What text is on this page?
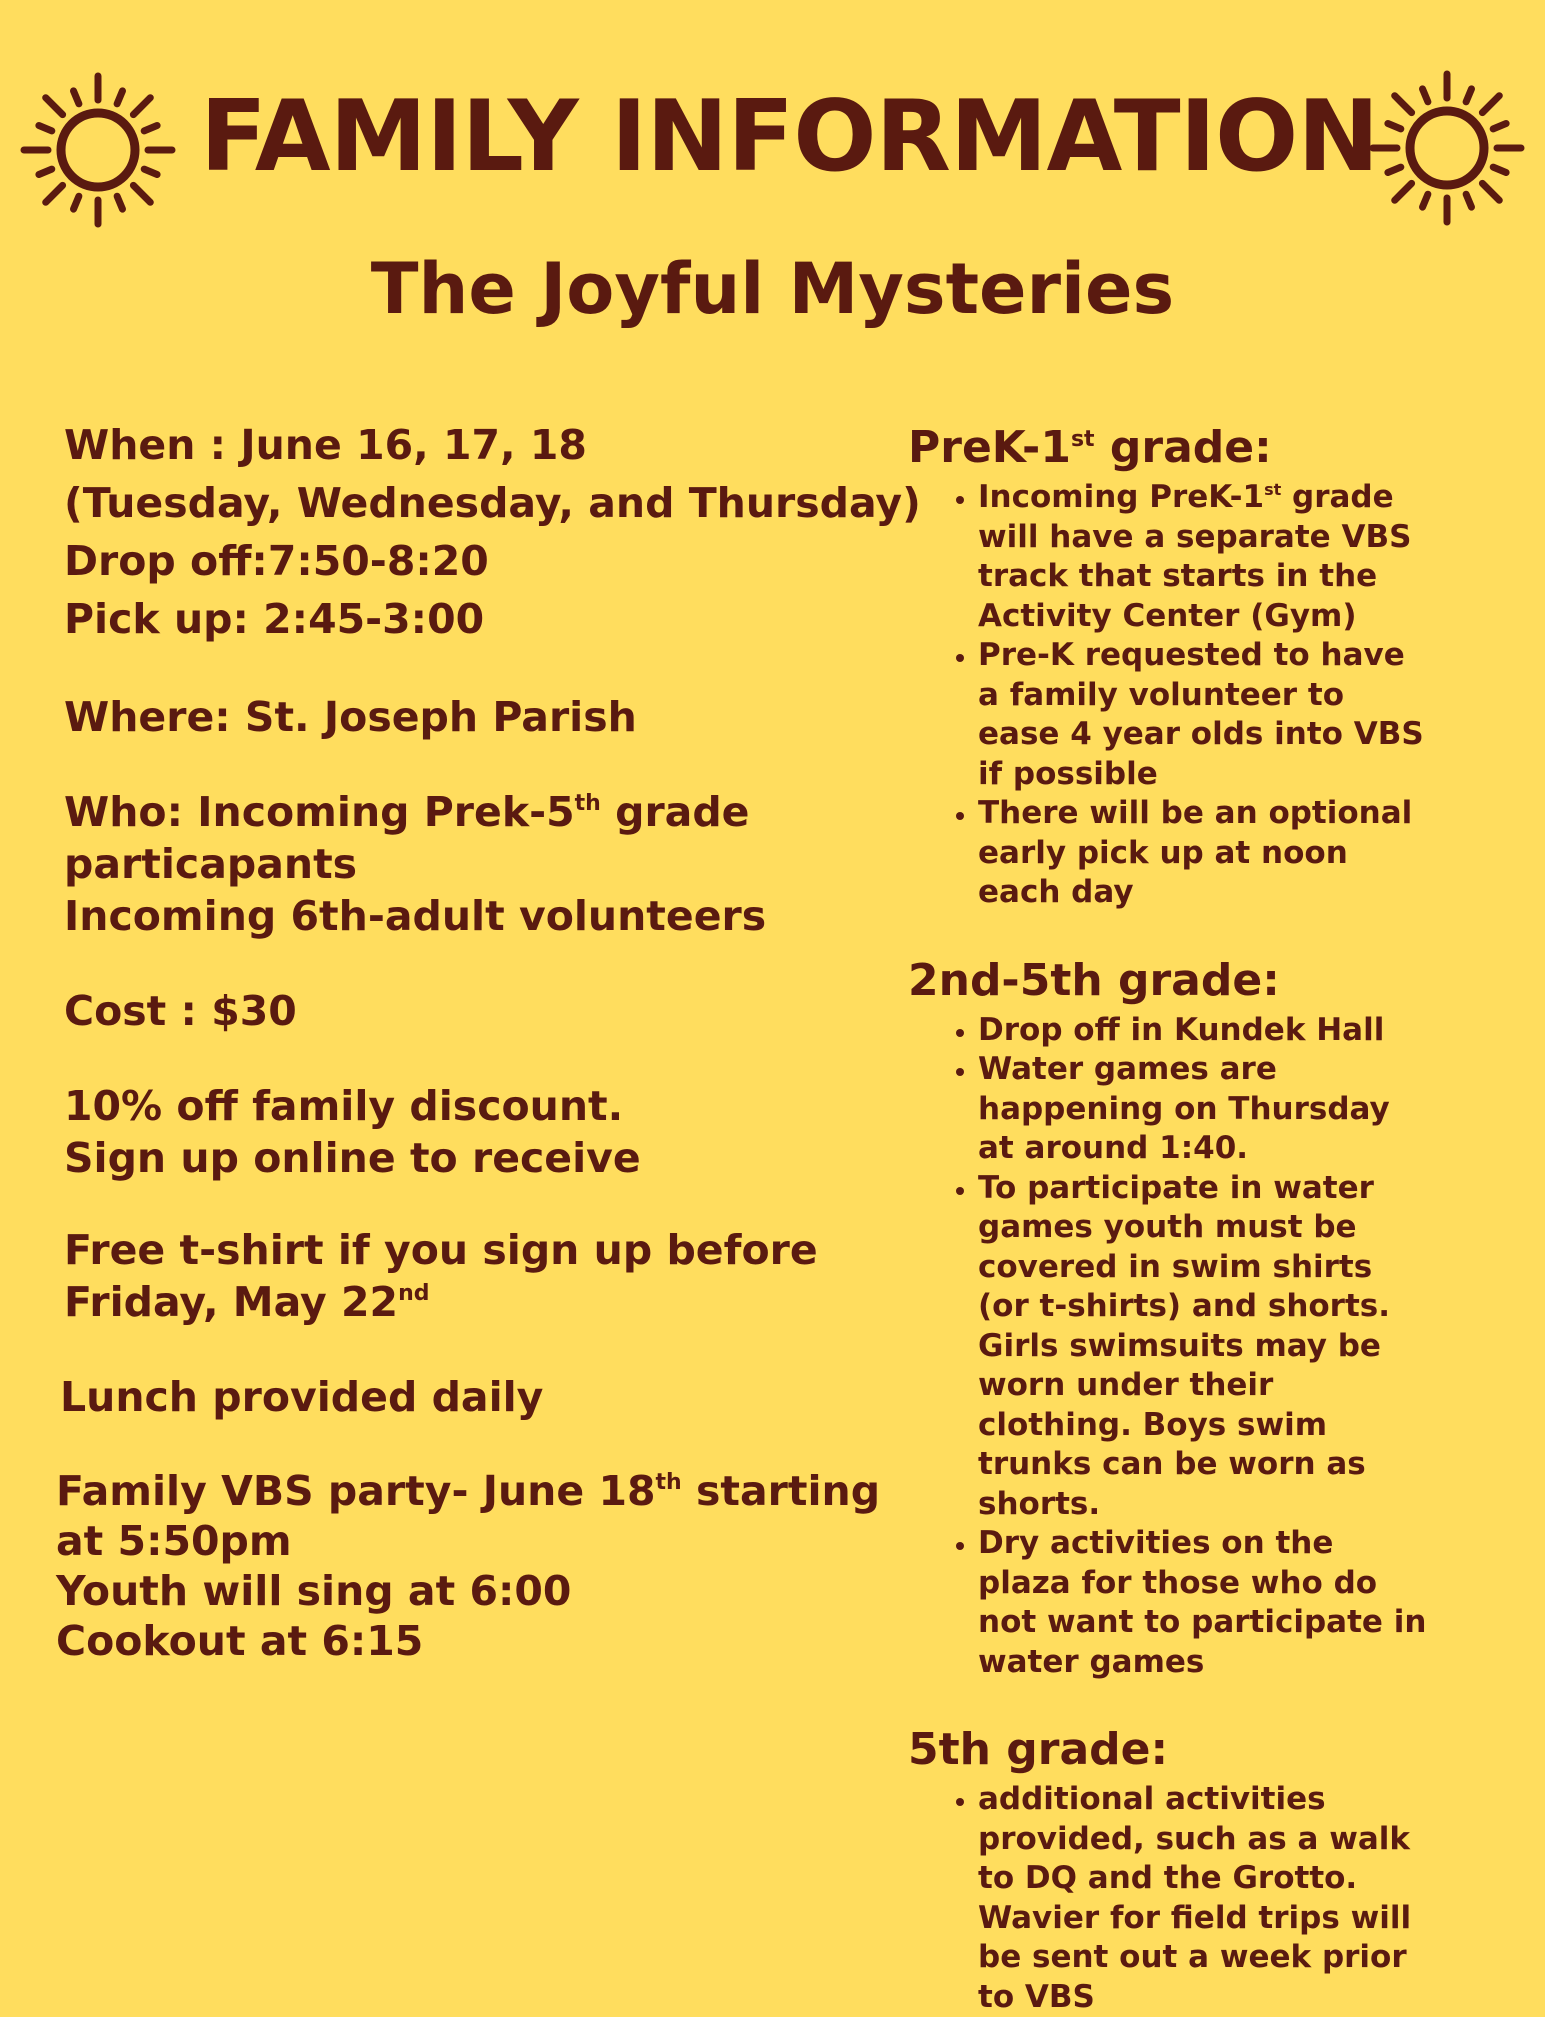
FAMILY INFORMATION
The Joyful Mysteries
When : June 16, 17, 18
(Tuesday, Wednesday, and Thursday)
Drop off:7:50-8:20
Pick up: 2:45-3:00
Where: St. Joseph Parish
Who: Incoming Prek-5th grade
particapants
Incoming 6th-adult volunteers
Cost : $30
10% off family discount.
Sign up online to receive
Free t-shirt if you sign up before
Friday, May 22nd
Lunch provided daily
Family VBS party- June 18th starting
at 5:50pm
Youth will sing at 6:00
Cookout at 6:15
PreK-1st grade:
• Incoming PreK-1st grade will have a separate VBS track that starts in the Activity Center (Gym)
• Pre-K requested to have a family volunteer to ease 4 year olds into VBS if possible
• There will be an optional early pick up at noon each day
2nd-5th grade:
• Drop off in Kundek Hall
• Water games are happening on Thursday at around 1:40.
• To participate in water games youth must be covered in swim shirts (or t-shirts) and shorts. Girls swimsuits may be worn under their clothing. Boys swim trunks can be worn as shorts.
• Dry activities on the plaza for those who do not want to participate in water games
5th grade:
• additional activities provided, such as a walk to DQ and the Grotto. Wavier for field trips will be sent out a week prior to VBS
